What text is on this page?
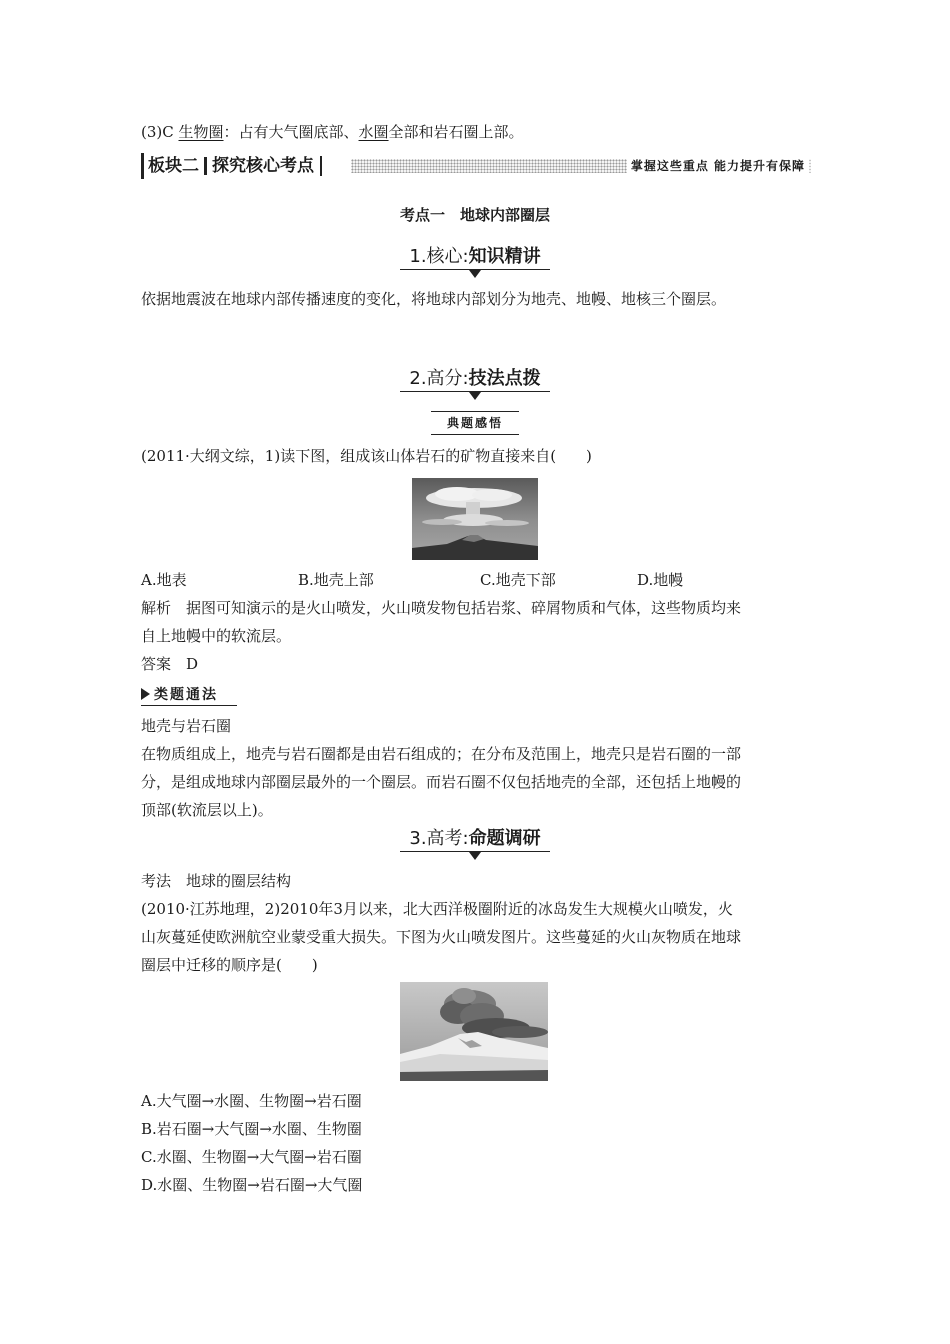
(3)C 生物圈：占有大气圈底部、水圈全部和岩石圈上部。
板块二 探究核心考点	掌握这些重点 能力提升有保障
考点一　地球内部圈层
1.核心:知识精讲
依据地震波在地球内部传播速度的变化，将地球内部划分为地壳、地幔、地核三个圈层。
2.高分:技法点拨
典题感悟
(2011·大纲文综，1)读下图，组成该山体岩石的矿物直接来自(　　)
A.地表	B.地壳上部	C.地壳下部	D.地幔
解析　据图可知演示的是火山喷发，火山喷发物包括岩浆、碎屑物质和气体，这些物质均来
自上地幔中的软流层。
答案　D
类题通法
地壳与岩石圈
在物质组成上，地壳与岩石圈都是由岩石组成的；在分布及范围上，地壳只是岩石圈的一部
分，是组成地球内部圈层最外的一个圈层。而岩石圈不仅包括地壳的全部，还包括上地幔的
顶部(软流层以上)。
3.高考:命题调研
考法　地球的圈层结构
(2010·江苏地理，2)2010年3月以来，北大西洋极圈附近的冰岛发生大规模火山喷发，火
山灰蔓延使欧洲航空业蒙受重大损失。下图为火山喷发图片。这些蔓延的火山灰物质在地球
圈层中迁移的顺序是(　　)
A.大气圈→水圈、生物圈→岩石圈
B.岩石圈→大气圈→水圈、生物圈
C.水圈、生物圈→大气圈→岩石圈
D.水圈、生物圈→岩石圈→大气圈
